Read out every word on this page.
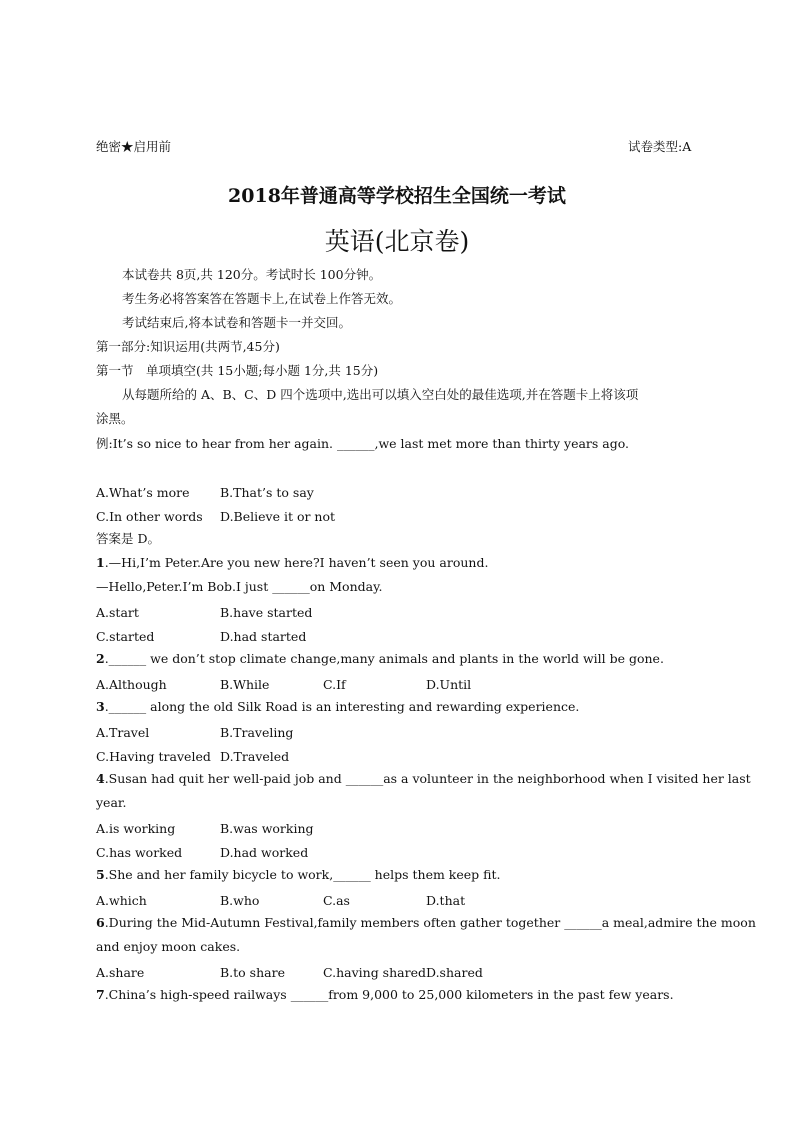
绝密★启用前	试卷类型:A
2018年普通高等学校招生全国统一考试
英语(北京卷)
本试卷共 8页,共 120分。考试时长 100分钟。
考生务必将答案答在答题卡上,在试卷上作答无效。
考试结束后,将本试卷和答题卡一并交回。
第一部分:知识运用(共两节,45分)
第一节　单项填空(共 15小题;每小题 1分,共 15分)
从每题所给的 A、B、C、D 四个选项中,选出可以填入空白处的最佳选项,并在答题卡上将该项
涂黑。
例:It’s so nice to hear from her again. ______,we last met more than thirty years ago.
A.What’s more B.That’s to say
C.In other words D.Believe it or not
答案是 D。
1.—Hi,I’m Peter.Are you new here?I haven’t seen you around.
—Hello,Peter.I’m Bob.I just ______on Monday.
A.start	B.have started
C.started	D.had started
2.______ we don’t stop climate change,many animals and plants in the world will be gone.
A.Although	B.While	C.If	D.Until
3.______ along the old Silk Road is an interesting and rewarding experience.
A.Travel	B.Traveling
C.Having traveled D.Traveled
4.Susan had quit her well-paid job and ______as a volunteer in the neighborhood when I visited her last
year.
A.is working	B.was working
C.has worked	D.had worked
5.She and her family bicycle to work,______ helps them keep fit.
A.which	B.who	C.as	D.that
6.During the Mid-Autumn Festival,family members often gather together ______a meal,admire the moon
and enjoy moon cakes.
A.share	B.to share	C.having shared D.shared
7.China’s high-speed railways ______from 9,000 to 25,000 kilometers in the past few years.
